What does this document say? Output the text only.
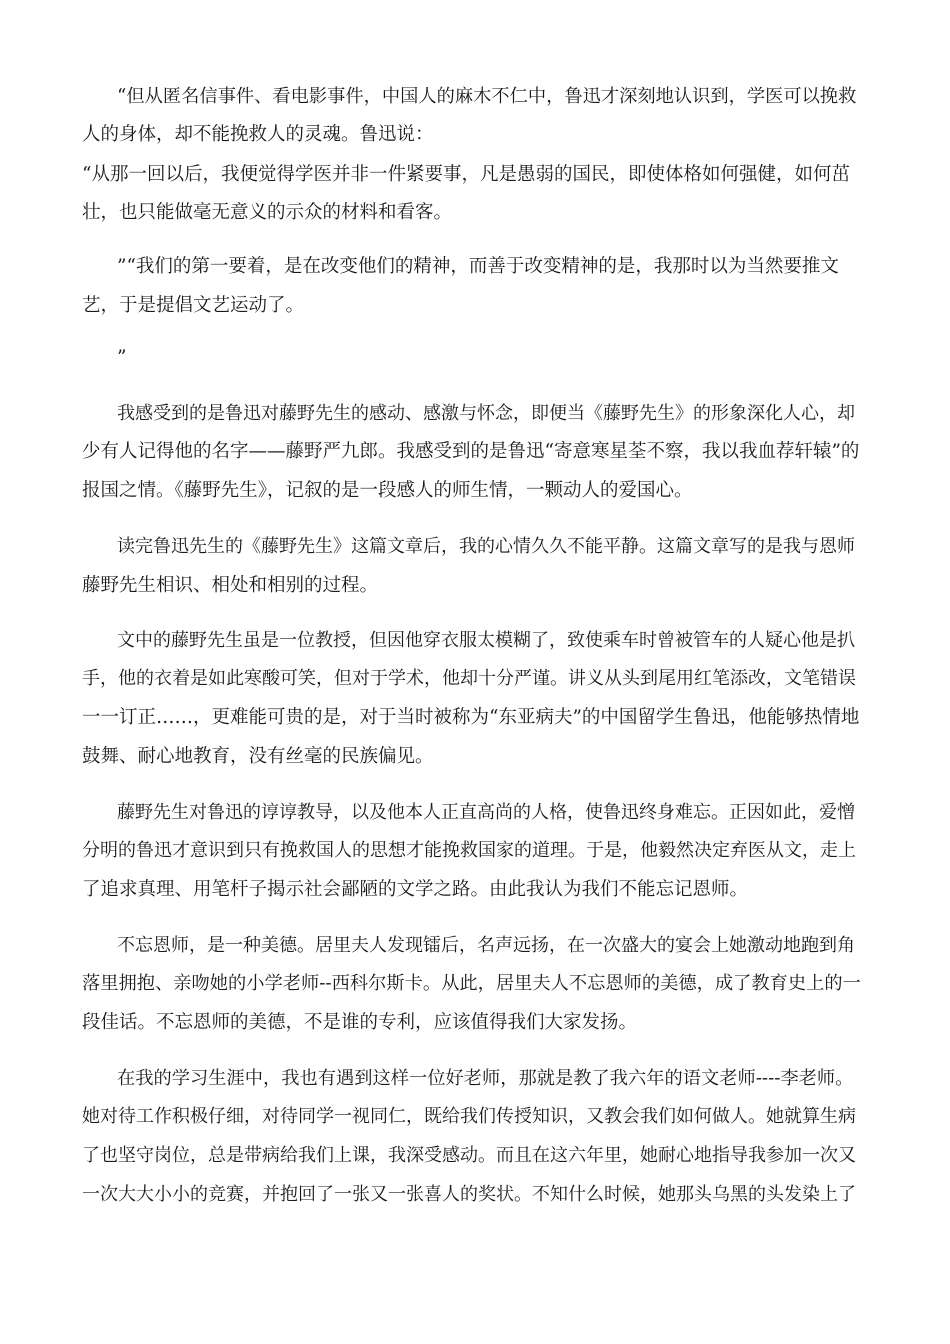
“但从匿名信事件、看电影事件，中国人的麻木不仁中，鲁迅才深刻地认识到，学医可以挽救
人的身体，却不能挽救人的灵魂。鲁迅说：
“从那一回以后，我便觉得学医并非一件紧要事，凡是愚弱的国民，即使体格如何强健，如何茁
壮，也只能做毫无意义的示众的材料和看客。
”“我们的第一要着，是在改变他们的精神，而善于改变精神的是，我那时以为当然要推文
艺，于是提倡文艺运动了。
”
我感受到的是鲁迅对藤野先生的感动、感激与怀念，即便当《藤野先生》的形象深化人心，却
少有人记得他的名字——藤野严九郎。我感受到的是鲁迅“寄意寒星荃不察，我以我血荐轩辕”的
报国之情。《藤野先生》，记叙的是一段感人的师生情，一颗动人的爱国心。
读完鲁迅先生的《藤野先生》这篇文章后，我的心情久久不能平静。这篇文章写的是我与恩师
藤野先生相识、相处和相别的过程。
文中的藤野先生虽是一位教授，但因他穿衣服太模糊了，致使乘车时曾被管车的人疑心他是扒
手，他的衣着是如此寒酸可笑，但对于学术，他却十分严谨。讲义从头到尾用红笔添改，文笔错误
一一订正……，更难能可贵的是，对于当时被称为“东亚病夫”的中国留学生鲁迅，他能够热情地
鼓舞、耐心地教育，没有丝毫的民族偏见。
藤野先生对鲁迅的谆谆教导，以及他本人正直高尚的人格，使鲁迅终身难忘。正因如此，爱憎
分明的鲁迅才意识到只有挽救国人的思想才能挽救国家的道理。于是，他毅然决定弃医从文，走上
了追求真理、用笔杆子揭示社会鄙陋的文学之路。由此我认为我们不能忘记恩师。
不忘恩师，是一种美德。居里夫人发现镭后，名声远扬，在一次盛大的宴会上她激动地跑到角
落里拥抱、亲吻她的小学老师--西科尔斯卡。从此，居里夫人不忘恩师的美德，成了教育史上的一
段佳话。不忘恩师的美德，不是谁的专利，应该值得我们大家发扬。
在我的学习生涯中，我也有遇到这样一位好老师，那就是教了我六年的语文老师----李老师。
她对待工作积极仔细，对待同学一视同仁，既给我们传授知识，又教会我们如何做人。她就算生病
了也坚守岗位，总是带病给我们上课，我深受感动。而且在这六年里，她耐心地指导我参加一次又
一次大大小小的竞赛，并抱回了一张又一张喜人的奖状。不知什么时候，她那头乌黑的头发染上了
